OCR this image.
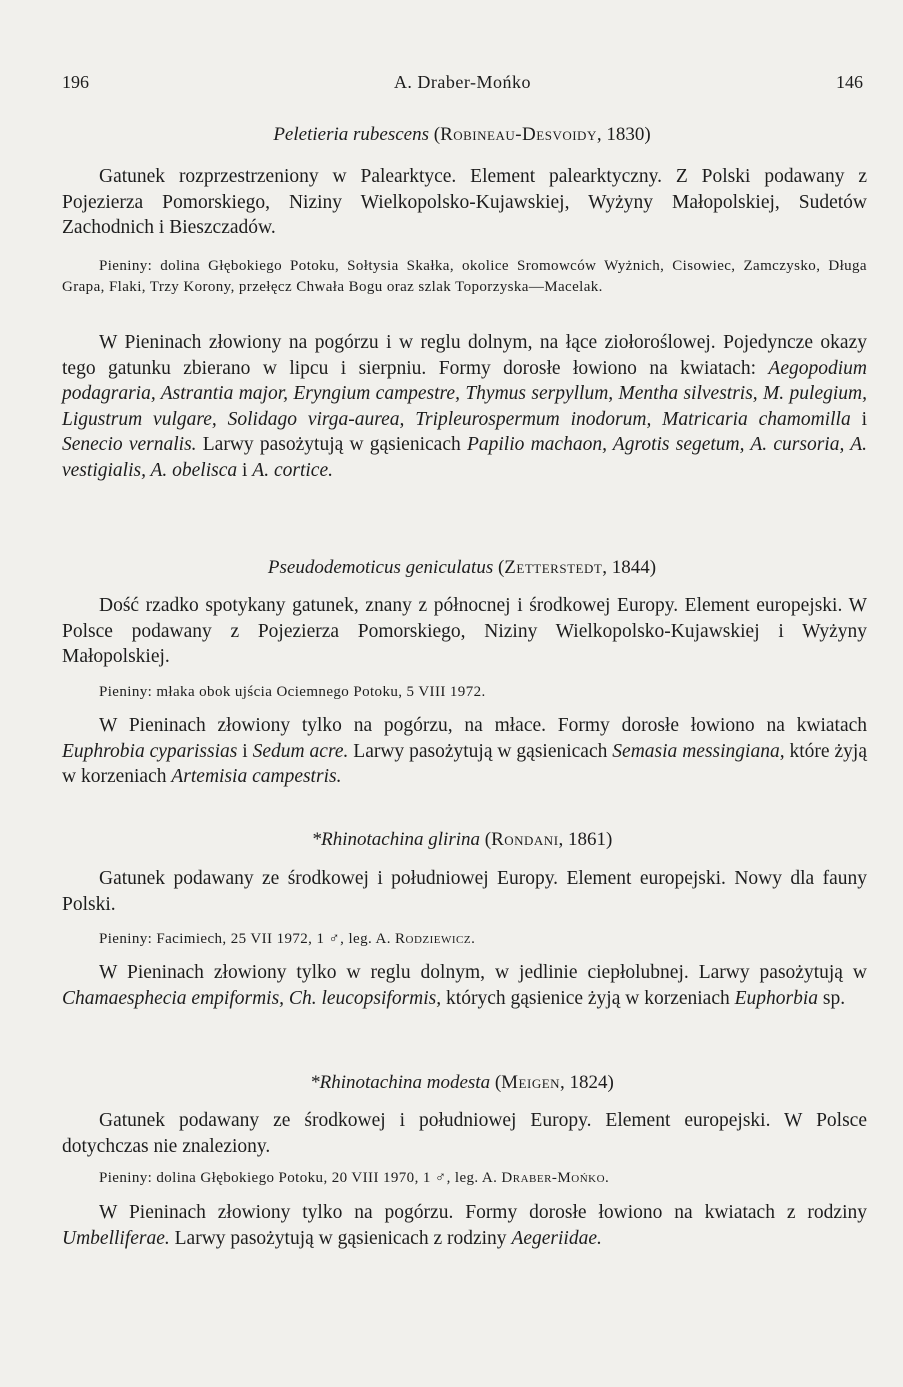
196	A. Draber-Mońko	146
Peletieria rubescens (Robineau-Desvoidy, 1830)
Gatunek rozprzestrzeniony w Palearktyce. Element palearktyczny. Z Polski podawany z Pojezierza Pomorskiego, Niziny Wielkopolsko-Kujawskiej, Wyżyny Małopolskiej, Sudetów Zachodnich i Bieszczadów.
Pieniny: dolina Głębokiego Potoku, Sołtysia Skałka, okolice Sromowców Wyżnich, Cisowiec, Zamczysko, Długa Grapa, Flaki, Trzy Korony, przełęcz Chwała Bogu oraz szlak Toporzyska—Macelak.
W Pieninach złowiony na pogórzu i w reglu dolnym, na łące ziołoroślowej. Pojedyncze okazy tego gatunku zbierano w lipcu i sierpniu. Formy dorosłe łowiono na kwiatach: Aegopodium podagraria, Astrantia major, Eryngium campestre, Thymus serpyllum, Mentha silvestris, M. pulegium, Ligustrum vulgare, Solidago virga-aurea, Tripleurospermum inodorum, Matricaria chamomilla i Senecio vernalis. Larwy pasożytują w gąsienicach Papilio machaon, Agrotis segetum, A. cursoria, A. vestigialis, A. obelisca i A. cortice.
Pseudodemoticus geniculatus (Zetterstedt, 1844)
Dość rzadko spotykany gatunek, znany z północnej i środkowej Europy. Element europejski. W Polsce podawany z Pojezierza Pomorskiego, Niziny Wielkopolsko-Kujawskiej i Wyżyny Małopolskiej.
Pieniny: młaka obok ujścia Ociemnego Potoku, 5 VIII 1972.
W Pieninach złowiony tylko na pogórzu, na młace. Formy dorosłe łowiono na kwiatach Euphrobia cyparissias i Sedum acre. Larwy pasożytują w gąsienicach Semasia messingiana, które żyją w korzeniach Artemisia campestris.
*Rhinotachina glirina (Rondani, 1861)
Gatunek podawany ze środkowej i południowej Europy. Element europejski. Nowy dla fauny Polski.
Pieniny: Facimiech, 25 VII 1972, 1 ♂, leg. A. Rodziewicz.
W Pieninach złowiony tylko w reglu dolnym, w jedlinie ciepłolubnej. Larwy pasożytują w Chamaesphecia empiformis, Ch. leucopsiformis, których gąsienice żyją w korzeniach Euphorbia sp.
*Rhinotachina modesta (Meigen, 1824)
Gatunek podawany ze środkowej i południowej Europy. Element europejski. W Polsce dotychczas nie znaleziony.
Pieniny: dolina Głębokiego Potoku, 20 VIII 1970, 1 ♂, leg. A. Draber-Mońko.
W Pieninach złowiony tylko na pogórzu. Formy dorosłe łowiono na kwiatach z rodziny Umbelliferae. Larwy pasożytują w gąsienicach z rodziny Aegeriidae.
